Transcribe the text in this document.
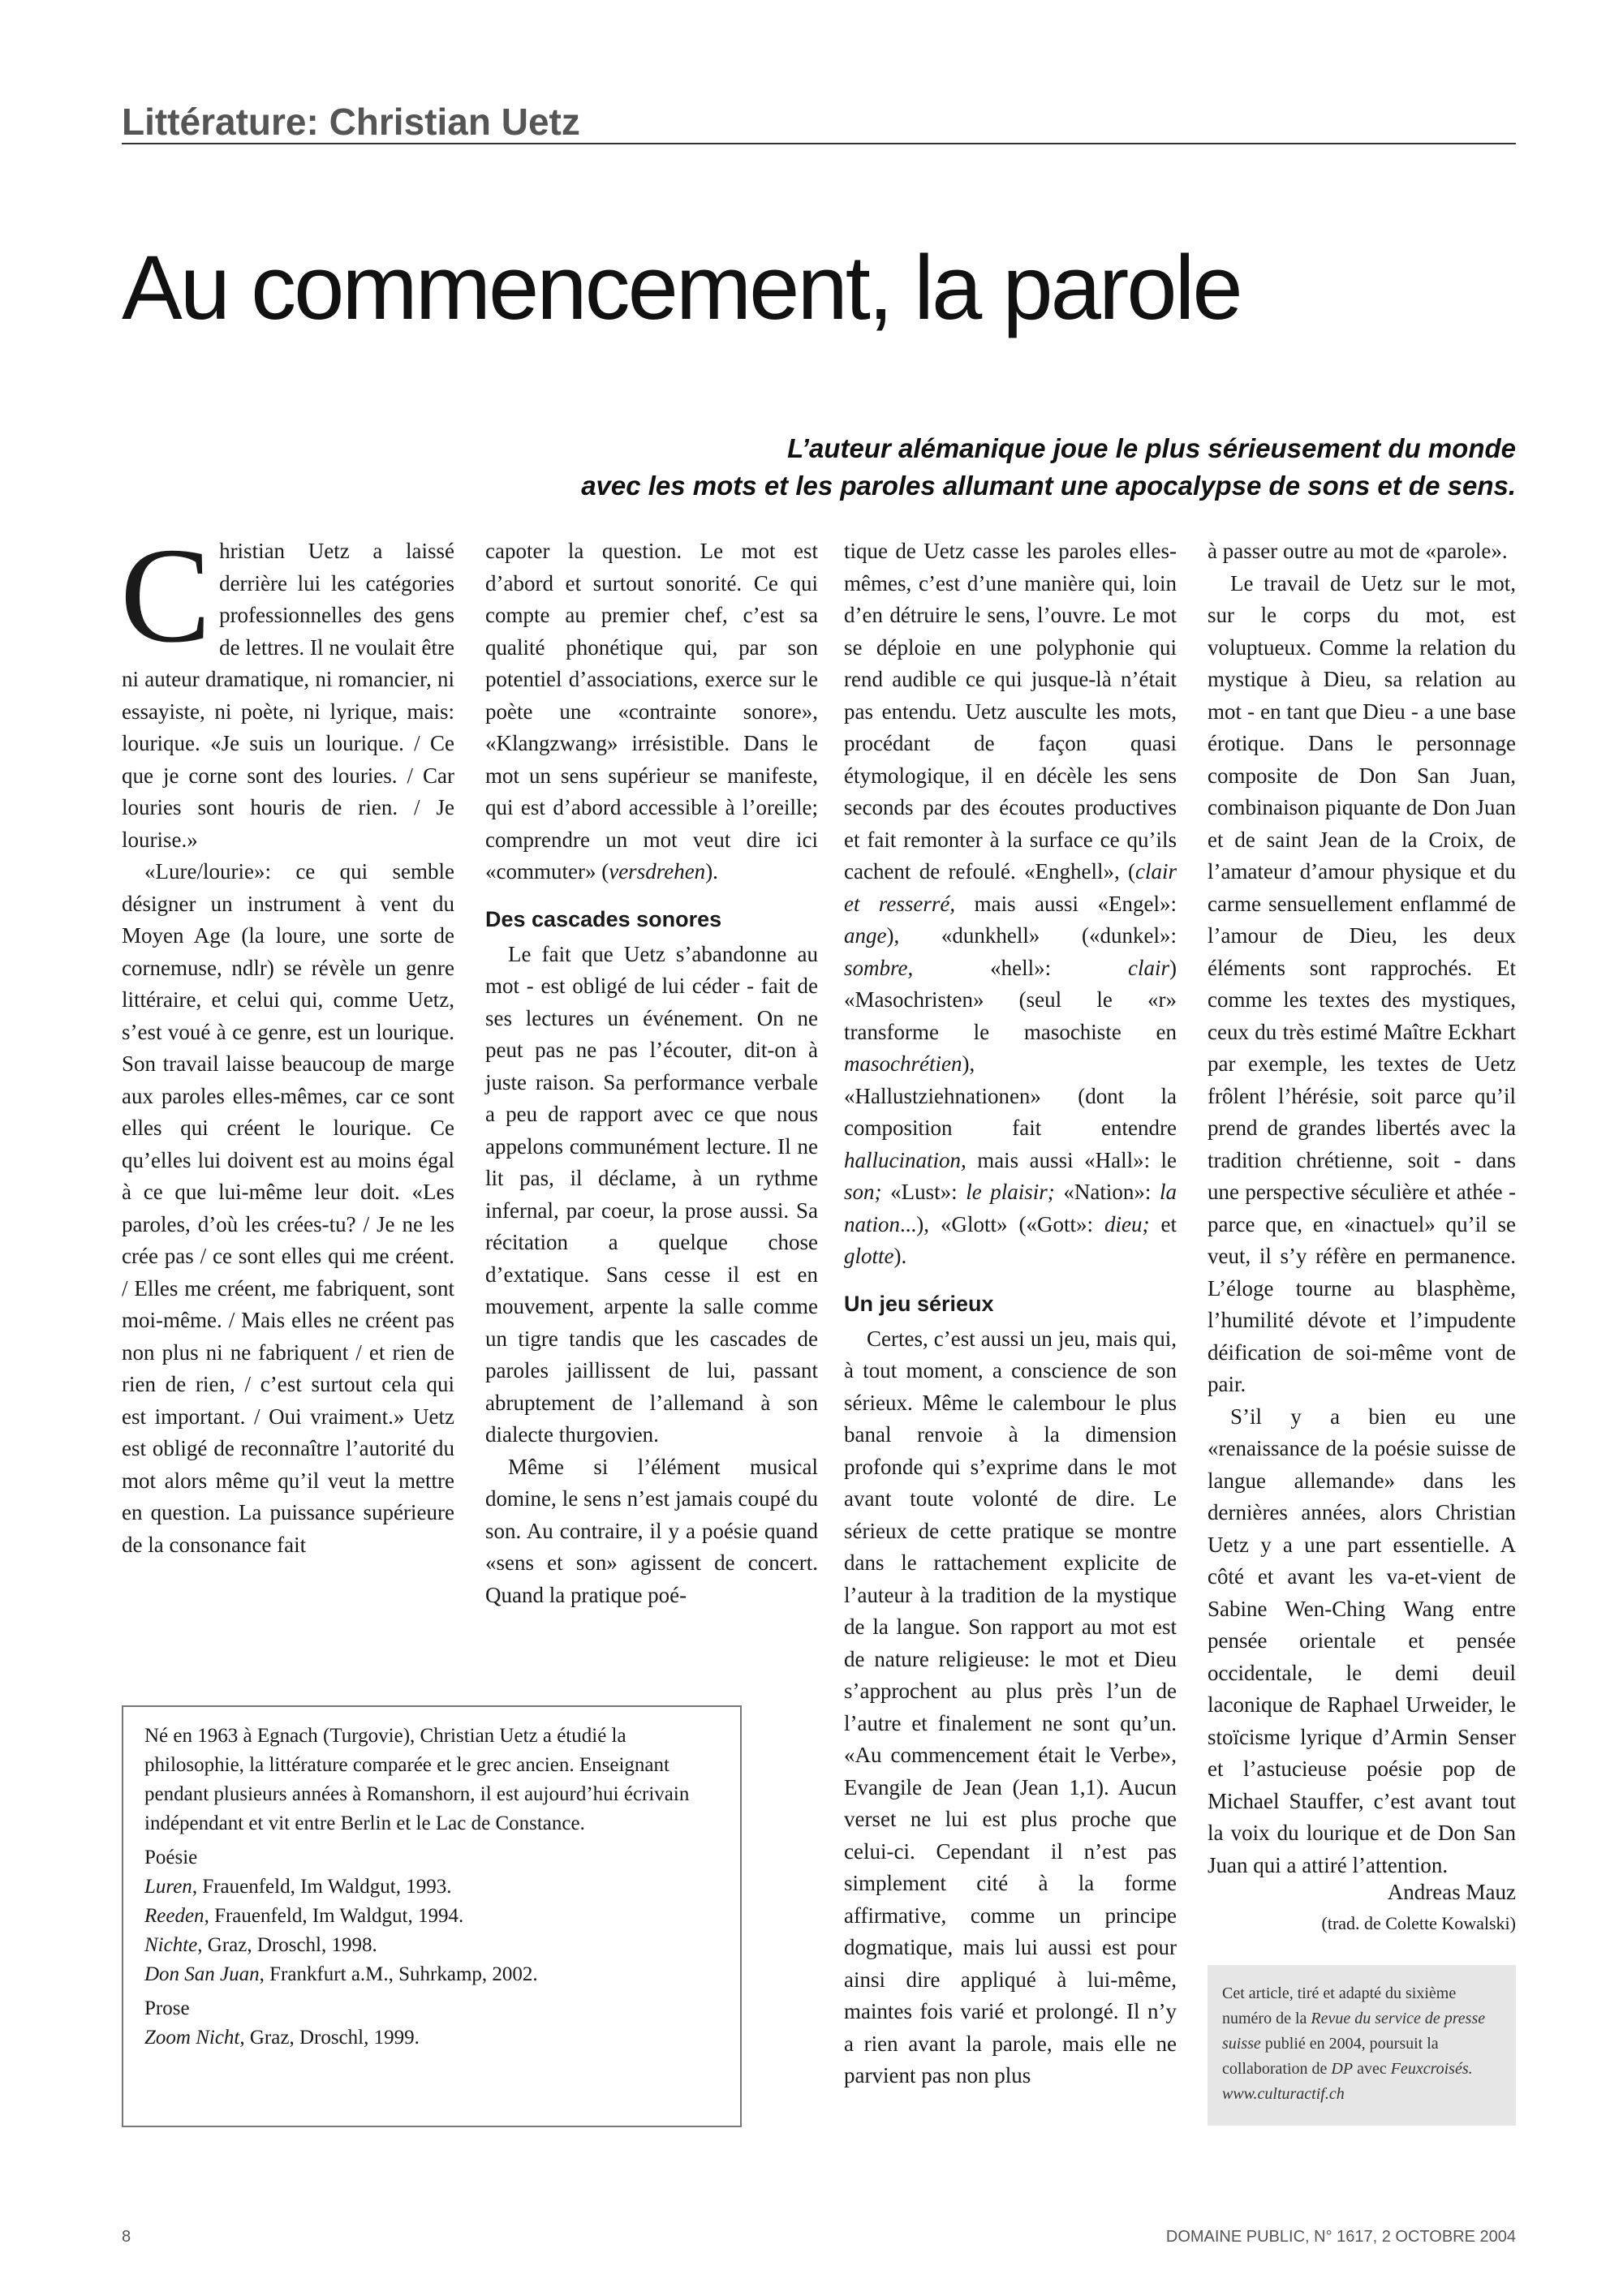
Littérature: Christian Uetz
Au commencement, la parole
L’auteur alémanique joue le plus sérieusement du monde
avec les mots et les paroles allumant une apocalypse de sons et de sens.

Christian Uetz a laissé derrière lui les catégories professionnelles des gens de lettres. Il ne voulait être ni auteur dramatique, ni romancier, ni essayiste, ni poète, ni lyrique, mais: lourique. «Je suis un lourique. / Ce que je corne sont des louries. / Car louries sont houris de rien. / Je lourise.»

«Lure/lourie»: ce qui semble désigner un instrument à vent du Moyen Age (la loure, une sorte de cornemuse, ndlr) se révèle un genre littéraire, et celui qui, comme Uetz, s’est voué à ce genre, est un lourique. Son travail laisse beaucoup de marge aux paroles elles-mêmes, car ce sont elles qui créent le lourique. Ce qu’elles lui doivent est au moins égal à ce que lui-même leur doit. «Les paroles, d’où les crées-tu? / Je ne les crée pas / ce sont elles qui me créent. / Elles me créent, me fabriquent, sont moi-même. / Mais elles ne créent pas non plus ni ne fabriquent / et rien de rien de rien, / c’est surtout cela qui est important. / Oui vraiment.» Uetz est obligé de reconnaître l’autorité du mot alors même qu’il veut la mettre en question. La puissance supérieure de la consonance fait

capoter la question. Le mot est d’abord et surtout sonorité. Ce qui compte au premier chef, c’est sa qualité phonétique qui, par son potentiel d’associations, exerce sur le poète une «contrainte sonore», «Klangzwang» irrésistible. Dans le mot un sens supérieur se manifeste, qui est d’abord accessible à l’oreille; comprendre un mot veut dire ici «commuter» (versdrehen).

Des cascades sonores

Le fait que Uetz s’abandonne au mot - est obligé de lui céder - fait de ses lectures un événement. On ne peut pas ne pas l’écouter, dit-on à juste raison. Sa performance verbale a peu de rapport avec ce que nous appelons communément lecture. Il ne lit pas, il déclame, à un rythme infernal, par coeur, la prose aussi. Sa récitation a quelque chose d’extatique. Sans cesse il est en mouvement, arpente la salle comme un tigre tandis que les cascades de paroles jaillissent de lui, passant abruptement de l’allemand à son dialecte thurgovien.

Même si l’élément musical domine, le sens n’est jamais coupé du son. Au contraire, il y a poésie quand «sens et son» agissent de concert. Quand la pratique poé-

tique de Uetz casse les paroles elles-mêmes, c’est d’une manière qui, loin d’en détruire le sens, l’ouvre. Le mot se déploie en une polyphonie qui rend audible ce qui jusque-là n’était pas entendu. Uetz ausculte les mots, procédant de façon quasi étymologique, il en décèle les sens seconds par des écoutes productives et fait remonter à la surface ce qu’ils cachent de refoulé. «Enghell», (clair et resserré, mais aussi «Engel»: ange), «dunkhell» («dunkel»: sombre, «hell»: clair) «Masochristen» (seul le «r» transforme le masochiste en masochrétien), «Hallustziehnationen» (dont la composition fait entendre hallucination, mais aussi «Hall»: le son; «Lust»: le plaisir; «Nation»: la nation...), «Glott» («Gott»: dieu; et glotte).

Un jeu sérieux

Certes, c’est aussi un jeu, mais qui, à tout moment, a conscience de son sérieux. Même le calembour le plus banal renvoie à la dimension profonde qui s’exprime dans le mot avant toute volonté de dire. Le sérieux de cette pratique se montre dans le rattachement explicite de l’auteur à la tradition de la mystique de la langue. Son rapport au mot est de nature religieuse: le mot et Dieu s’approchent au plus près l’un de l’autre et finalement ne sont qu’un. «Au commencement était le Verbe», Evangile de Jean (Jean 1,1). Aucun verset ne lui est plus proche que celui-ci. Cependant il n’est pas simplement cité à la forme affirmative, comme un principe dogmatique, mais lui aussi est pour ainsi dire appliqué à lui-même, maintes fois varié et prolongé. Il n’y a rien avant la parole, mais elle ne parvient pas non plus

à passer outre au mot de «parole».

Le travail de Uetz sur le mot, sur le corps du mot, est voluptueux. Comme la relation du mystique à Dieu, sa relation au mot - en tant que Dieu - a une base érotique. Dans le personnage composite de Don San Juan, combinaison piquante de Don Juan et de saint Jean de la Croix, de l’amateur d’amour physique et du carme sensuellement enflammé de l’amour de Dieu, les deux éléments sont rapprochés. Et comme les textes des mystiques, ceux du très estimé Maître Eckhart par exemple, les textes de Uetz frôlent l’hérésie, soit parce qu’il prend de grandes libertés avec la tradition chrétienne, soit - dans une perspective séculière et athée - parce que, en «inactuel» qu’il se veut, il s’y réfère en permanence. L’éloge tourne au blasphème, l’humilité dévote et l’impudente déification de soi-même vont de pair.

S’il y a bien eu une «renaissance de la poésie suisse de langue allemande» dans les dernières années, alors Christian Uetz y a une part essentielle. A côté et avant les va-et-vient de Sabine Wen-Ching Wang entre pensée orientale et pensée occidentale, le demi deuil laconique de Raphael Urweider, le stoïcisme lyrique d’Armin Senser et l’astucieuse poésie pop de Michael Stauffer, c’est avant tout la voix du lourique et de Don San Juan qui a attiré l’attention.

Andreas Mauz
(trad. de Colette Kowalski)

Né en 1963 à Egnach (Turgovie), Christian Uetz a étudié la philosophie, la littérature comparée et le grec ancien. Enseignant pendant plusieurs années à Romanshorn, il est aujourd’hui écrivain indépendant et vit entre Berlin et le Lac de Constance.

Poésie

Luren, Frauenfeld, Im Waldgut, 1993.

Reeden, Frauenfeld, Im Waldgut, 1994.

Nichte, Graz, Droschl, 1998.

Don San Juan, Frankfurt a.M., Suhrkamp, 2002.

Prose

Zoom Nicht, Graz, Droschl, 1999.

Cet article, tiré et adapté du sixième numéro de la Revue du service de presse suisse publié en 2004, poursuit la collaboration de DP avec Feuxcroisés.
www.culturactif.ch
8	DOMAINE PUBLIC, N° 1617, 2 OCTOBRE 2004
